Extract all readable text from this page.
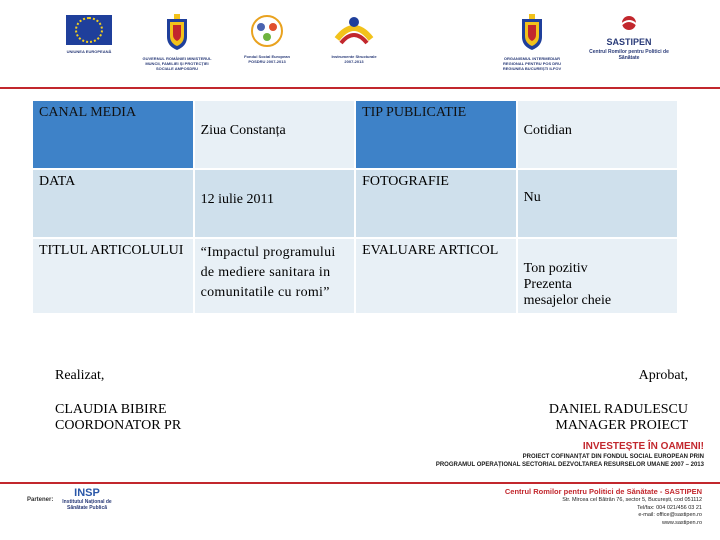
UNIUNEA EUROPEANĂ
GUVERNUL ROMÂNIEI MINISTERUL MUNCII, FAMILIEI ȘI PROTECȚIEI SOCIALE AMPOSDRU
Fondul Social European POSDRU 2007-2013
Instrumente Structurale 2007-2013
ORGANISMUL INTERMEDIAR REGIONAL PENTRU POS DRU REGIUNEA BUCUREȘTI ILFOV
SASTIPEN
Centrul Romilor pentru Politici de Sănătate
CANAL MEDIA	Ziua Constanța	TIP PUBLICATIE	Cotidian
DATA	12 iulie 2011	FOTOGRAFIE	Nu
TITLUL ARTICOLULUI	“Impactul programului de mediere sanitara in comunitatile cu romi”	EVALUARE ARTICOL	Ton pozitiv
Prezenta
mesajelor cheie
Realizat,
CLAUDIA BIBIRE
COORDONATOR PR
Aprobat,
DANIEL RADULESCU
MANAGER PROIECT
INVESTEȘTE ÎN OAMENI!
PROIECT COFINANȚAT DIN FONDUL SOCIAL EUROPEAN PRIN
PROGRAMUL OPERAȚIONAL SECTORIAL DEZVOLTAREA RESURSELOR UMANE 2007 – 2013
Partener:
INSP
Institutul Național de Sănătate Publică
Centrul Romilor pentru Politici de Sănătate - SASTIPEN
Str. Mircea cel Bătrân 76, sector 5, București, cod 051112
Tel/fax: 004 021/456 03 21
e-mail: office@sastipen.ro
www.sastipen.ro
